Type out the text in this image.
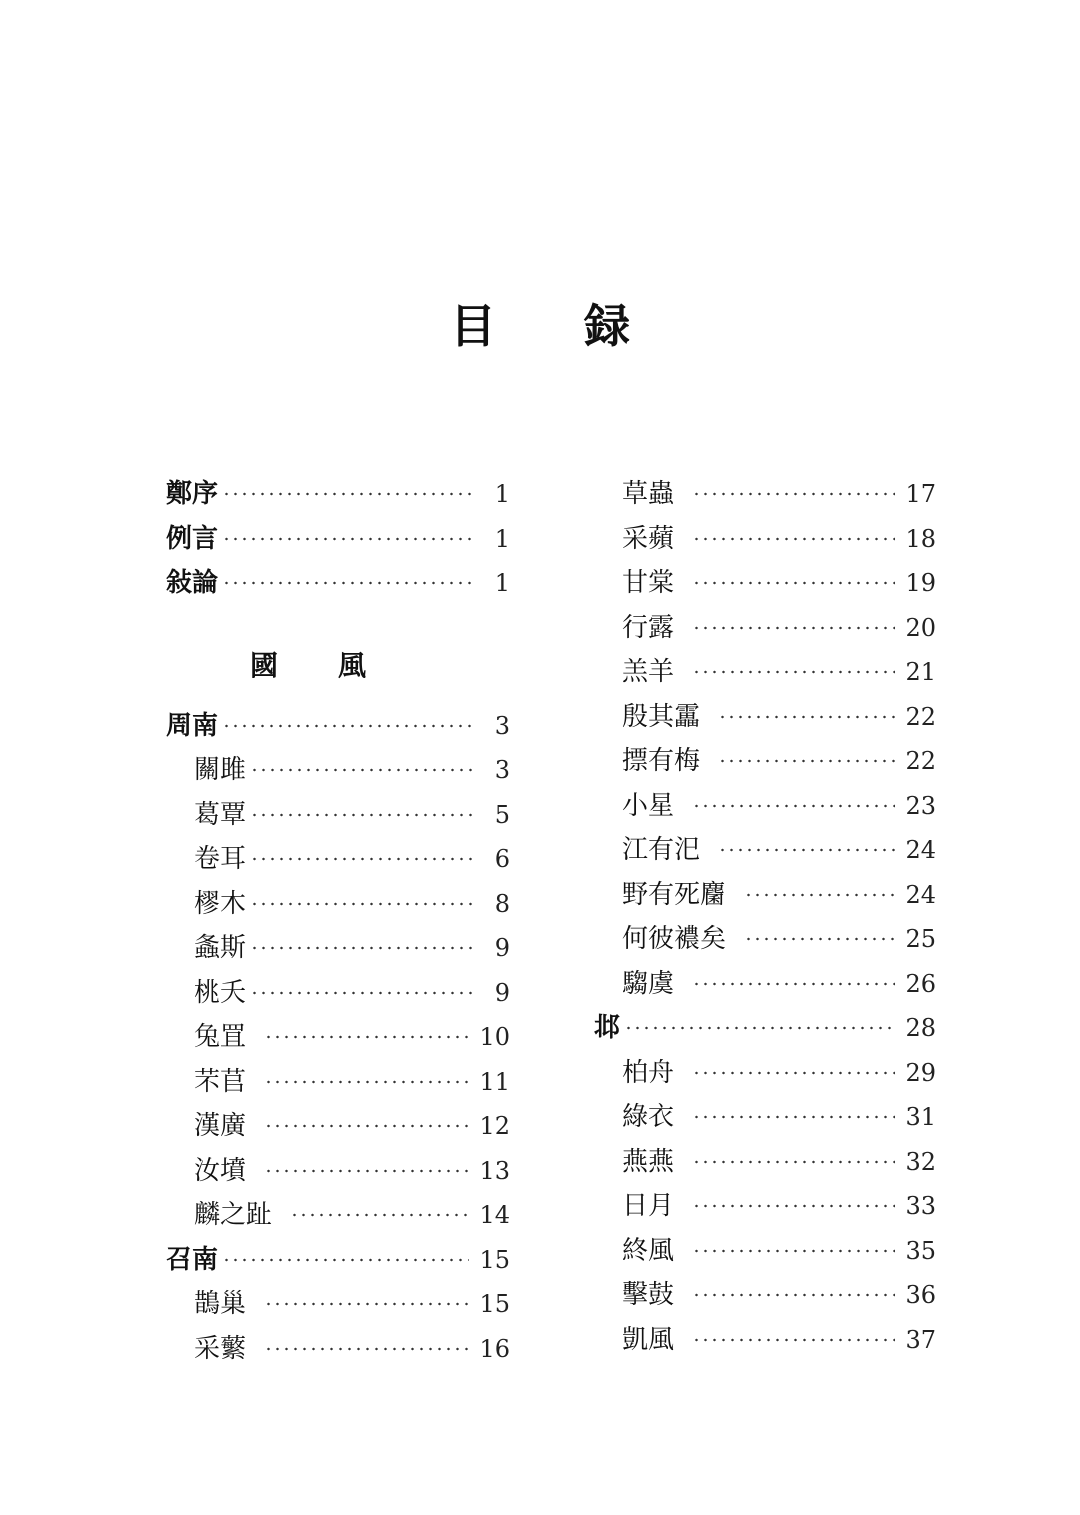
目 録
鄭序	1
例言	1
敍論	1
國 風
周南	3
關雎	3
葛覃	5
卷耳	6
樛木	8
螽斯	9
桃夭	9
兔罝	10
芣苢	11
漢廣	12
汝墳	13
麟之趾	14
召南	15
鵲巢	15
采蘩	16
草蟲	17
采蘋	18
甘棠	19
行露	20
羔羊	21
殷其靁	22
摽有梅	22
小星	23
江有汜	24
野有死麕	24
何彼襛矣	25
騶虞	26
邶	28
柏舟	29
綠衣	31
燕燕	32
日月	33
終風	35
擊鼓	36
凱風	37
